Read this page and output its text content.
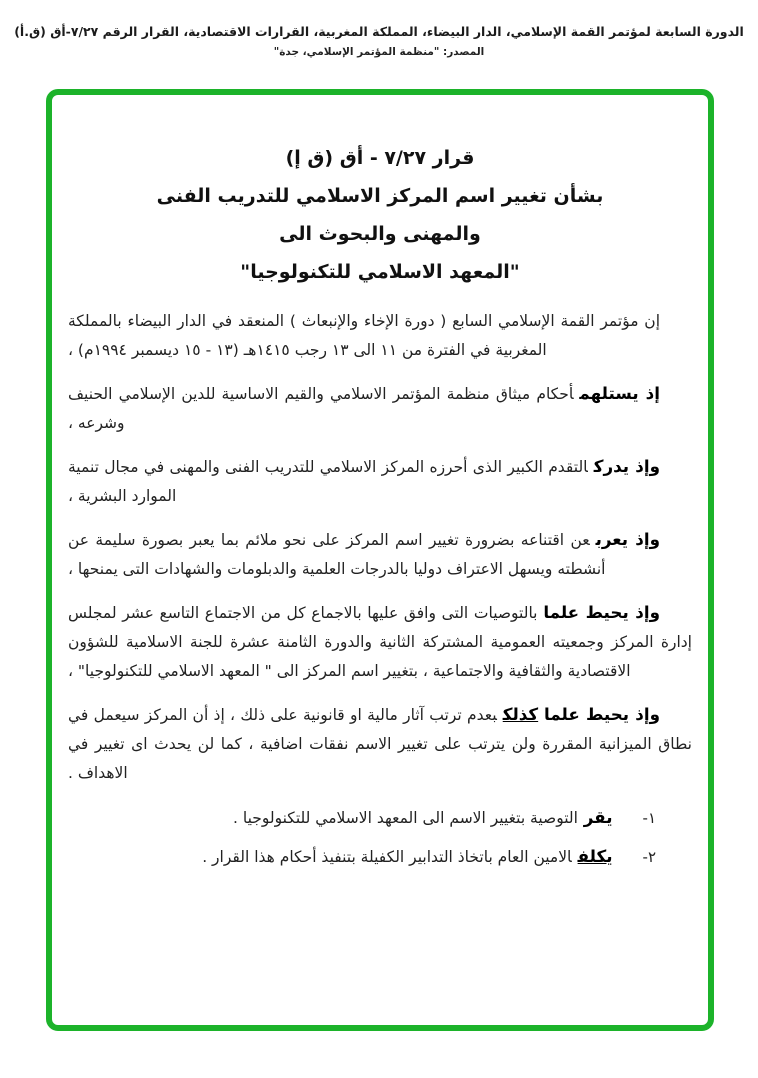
الدورة السابعة لمؤتمر القمة الإسلامي، الدار البيضاء، المملكة المغربية، القرارات الاقتصادية، القرار الرقم ٧/٢٧-أق (ق.أ)
المصدر: "منظمة المؤتمر الإسلامي، جدة"
قرار ٧/٢٧ - أق (ق إ)
بشأن تغيير اسم المركز الاسلامي للتدريب الفنى
والمهنى والبحوث الى
"المعهد الاسلامي للتكنولوجيا"

إن مؤتمر القمة الإسلامي السابع ( دورة الإخاء والإنبعاث ) المنعقد في الدار البيضاء بالمملكة المغربية في الفترة من ١١ الى ١٣ رجب ١٤١٥هـ (١٣ - ١٥ ديسمبر ١٩٩٤م) ،

إذ يستلهمأحكام ميثاق منظمة المؤتمر الاسلامي والقيم الاساسية للدين الإسلامي الحنيف وشرعه ،

وإذ يدركالتقدم الكبير الذى أحرزه المركز الاسلامي للتدريب الفنى والمهنى في مجال تنمية الموارد البشرية ،

وإذ يعربعن اقتناعه بضرورة تغيير اسم المركز على نحو ملائم بما يعبر بصورة سليمة عن أنشطته ويسهل الاعتراف دوليا بالدرجات العلمية والدبلومات والشهادات التى يمنحها ،

وإذ يحيط علمابالتوصيات التى وافق عليها بالاجماع كل من الاجتماع التاسع عشر لمجلس إدارة المركز وجمعيته العمومية المشتركة الثانية والدورة الثامنة عشرة للجنة الاسلامية للشؤون الاقتصادية والثقافية والاجتماعية ، بتغيير اسم المركز الى " المعهد الاسلامي للتكنولوجيا" ،

وإذ يحيط علماكذلكبعدم ترتب آثار مالية او قانونية على ذلك ، إذ أن المركز سيعمل في نطاق الميزانية المقررة ولن يترتب على تغيير الاسم نفقات اضافية ، كما لن يحدث اى تغيير في الاهداف .

١-
يقرالتوصية بتغيير الاسم الى المعهد الاسلامي للتكنولوجيا .
٢-
يكلفالامين العام باتخاذ التدابير الكفيلة بتنفيذ أحكام هذا القرار .
